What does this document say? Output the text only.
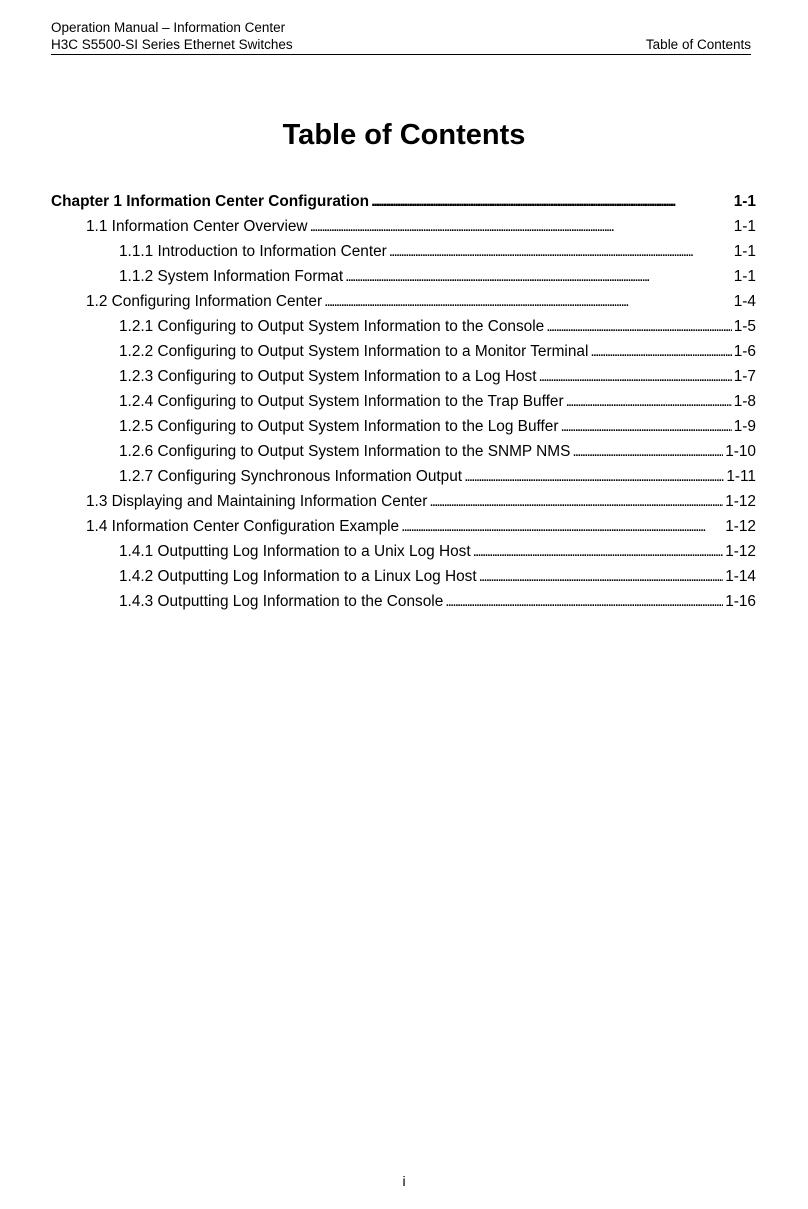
Operation Manual – Information Center
H3C S5500-SI Series Ethernet Switches	Table of Contents
Table of Contents
Chapter 1 Information Center Configuration . . .	1-1
1.1 Information Center Overview . . .	1-1
1.1.1 Introduction to Information Center . . .	1-1
1.1.2 System Information Format . . .	1-1
1.2 Configuring Information Center . . .	1-4
1.2.1 Configuring to Output System Information to the Console . . .	1-5
1.2.2 Configuring to Output System Information to a Monitor Terminal . . .	1-6
1.2.3 Configuring to Output System Information to a Log Host . . .	1-7
1.2.4 Configuring to Output System Information to the Trap Buffer . . .	1-8
1.2.5 Configuring to Output System Information to the Log Buffer . . .	1-9
1.2.6 Configuring to Output System Information to the SNMP NMS . . .	1-10
1.2.7 Configuring Synchronous Information Output . . .	1-11
1.3 Displaying and Maintaining Information Center . . .	1-12
1.4 Information Center Configuration Example . . .	1-12
1.4.1 Outputting Log Information to a Unix Log Host . . .	1-12
1.4.2 Outputting Log Information to a Linux Log Host . . .	1-14
1.4.3 Outputting Log Information to the Console . . .	1-16
i
